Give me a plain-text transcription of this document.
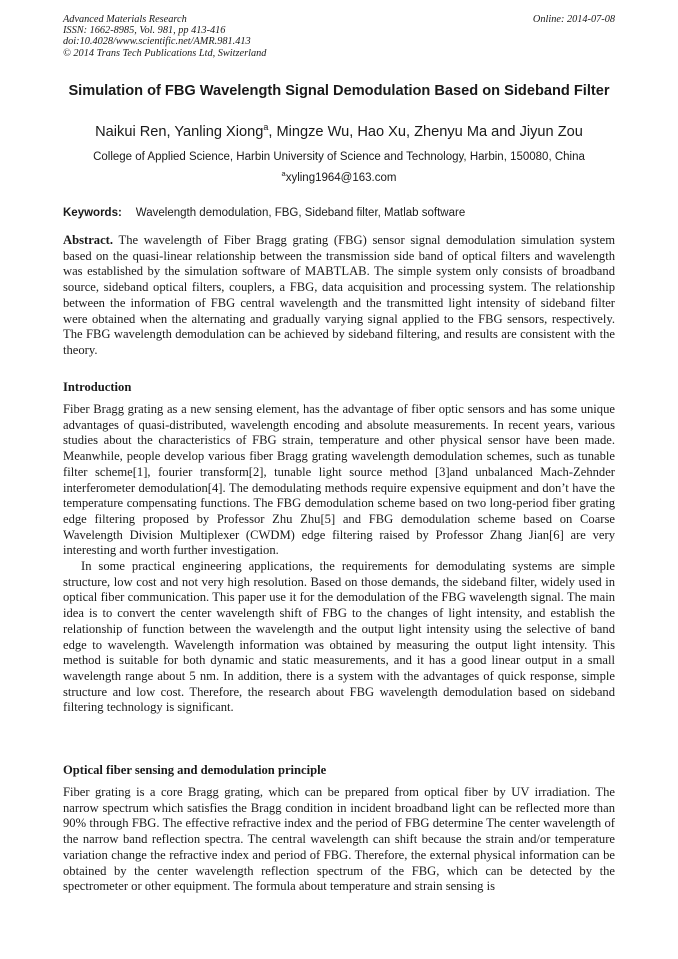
Advanced Materials Research
ISSN: 1662-8985, Vol. 981, pp 413-416
doi:10.4028/www.scientific.net/AMR.981.413
© 2014 Trans Tech Publications Ltd, Switzerland
Online: 2014-07-08
Simulation of FBG Wavelength Signal Demodulation Based on Sideband Filter
Naikui Ren, Yanling Xiong$^a$, Mingze Wu, Hao Xu, Zhenyu Ma and Jiyun Zou
College of Applied Science, Harbin University of Science and Technology, Harbin, 150080, China
$^a$xyling1964@163.com
Keywords: Wavelength demodulation, FBG, Sideband filter, Matlab software

Abstract. The wavelength of Fiber Bragg grating (FBG) sensor signal demodulation simulation system based on the quasi-linear relationship between the transmission side band of optical filters and wavelength was established by the simulation software of MABTLAB. The simple system only consists of broadband source, sideband optical filters, couplers, a FBG, data acquisition and processing system. The relationship between the information of FBG central wavelength and the transmitted light intensity of sideband filter were obtained when the alternating and gradually varying signal applied to the FBG sensors, respectively. The FBG wavelength demodulation can be achieved by sideband filtering, and results are consistent with the theory.

Introduction

Fiber Bragg grating as a new sensing element, has the advantage of fiber optic sensors and has some unique advantages of quasi-distributed, wavelength encoding and absolute measurements. In recent years, various studies about the characteristics of FBG strain, temperature and other physical sensor have been made. Meanwhile, people develop various fiber Bragg grating wavelength demodulation schemes, such as tunable filter scheme[1], fourier transform[2], tunable light source method [3]and unbalanced Mach-Zehnder interferometer demodulation[4]. The demodulating methods require expensive equipment and don’t have the temperature compensating functions. The FBG demodulation scheme based on two long-period fiber grating edge filtering proposed by Professor Zhu Zhu[5] and FBG demodulation scheme based on Coarse Wavelength Division Multiplexer (CWDM) edge filtering raised by Professor Zhang Jian[6] are very interesting and worth further investigation.

In some practical engineering applications, the requirements for demodulating systems are simple structure, low cost and not very high resolution. Based on those demands, the sideband filter, widely used in optical fiber communication. This paper use it for the demodulation of the FBG wavelength signal. The main idea is to convert the center wavelength shift of FBG to the changes of light intensity, and establish the relationship of function between the wavelength and the output light intensity using the selective of band edge to wavelength. Wavelength information was obtained by measuring the output light intensity. This method is suitable for both dynamic and static measurements, and it has a good linear output in a small wavelength range about 5 nm. In addition, there is a system with the advantages of quick response, simple structure and low cost. Therefore, the research about FBG wavelength demodulation based on sideband filtering technology is significant.

Optical fiber sensing and demodulation principle

Fiber grating is a core Bragg grating, which can be prepared from optical fiber by UV irradiation. The narrow spectrum which satisfies the Bragg condition in incident broadband light can be reflected more than 90% through FBG. The effective refractive index and the period of FBG determine The center wavelength of the narrow band reflection spectra. The central wavelength can shift because the strain and/or temperature variation change the refractive index and period of FBG. Therefore, the external physical information can be obtained by the center wavelength reflection spectrum of the FBG, which can be detected by the spectrometer or other equipment. The formula about temperature and strain sensing is
